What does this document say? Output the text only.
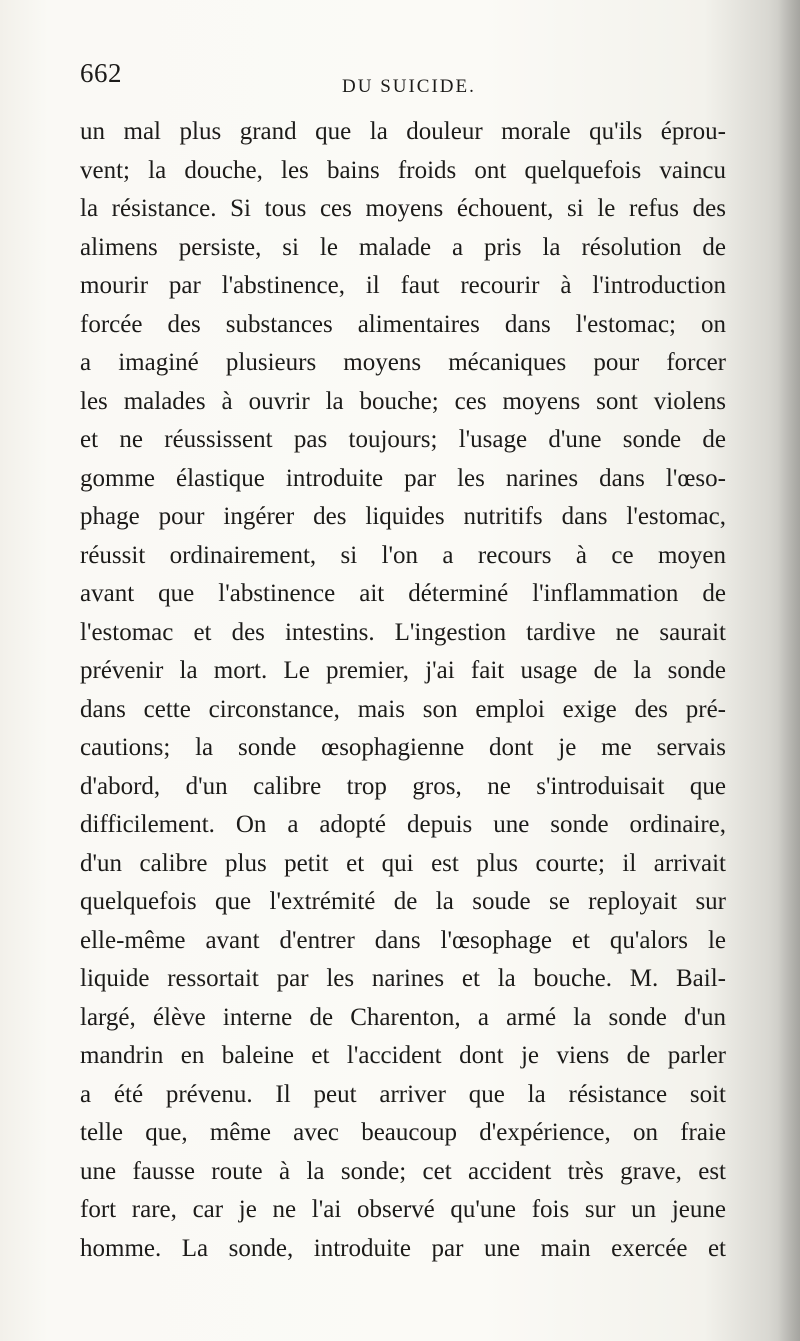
662	DU SUICIDE.
un mal plus grand que la douleur morale qu'ils éprou-
vent; la douche, les bains froids ont quelquefois vaincu
la résistance. Si tous ces moyens échouent, si le refus des
alimens persiste, si le malade a pris la résolution de
mourir par l'abstinence, il faut recourir à l'introduction
forcée des substances alimentaires dans l'estomac; on
a imaginé plusieurs moyens mécaniques pour forcer
les malades à ouvrir la bouche; ces moyens sont violens
et ne réussissent pas toujours; l'usage d'une sonde de
gomme élastique introduite par les narines dans l'œso-
phage pour ingérer des liquides nutritifs dans l'estomac,
réussit ordinairement, si l'on a recours à ce moyen
avant que l'abstinence ait déterminé l'inflammation de
l'estomac et des intestins. L'ingestion tardive ne saurait
prévenir la mort. Le premier, j'ai fait usage de la sonde
dans cette circonstance, mais son emploi exige des pré-
cautions; la sonde œsophagienne dont je me servais
d'abord, d'un calibre trop gros, ne s'introduisait que
difficilement. On a adopté depuis une sonde ordinaire,
d'un calibre plus petit et qui est plus courte; il arrivait
quelquefois que l'extrémité de la soude se reployait sur
elle-même avant d'entrer dans l'œsophage et qu'alors le
liquide ressortait par les narines et la bouche. M. Bail-
largé, élève interne de Charenton, a armé la sonde d'un
mandrin en baleine et l'accident dont je viens de parler
a été prévenu. Il peut arriver que la résistance soit
telle que, même avec beaucoup d'expérience, on fraie
une fausse route à la sonde; cet accident très grave, est
fort rare, car je ne l'ai observé qu'une fois sur un jeune
homme. La sonde, introduite par une main exercée et
